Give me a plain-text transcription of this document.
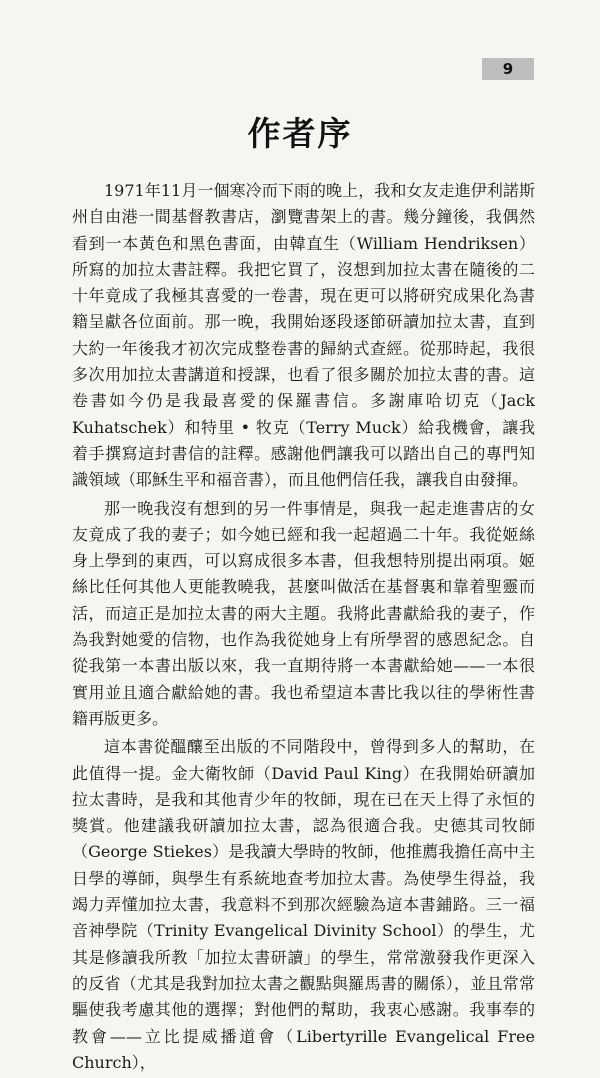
9
作者序

1971年11月一個寒冷而下雨的晚上，我和女友走進伊利諾斯州自由港一間基督教書店，瀏覽書架上的書。幾分鐘後，我偶然看到一本黃色和黑色書面，由韓直生（William Hendriksen）所寫的加拉太書註釋。我把它買了，沒想到加拉太書在隨後的二十年竟成了我極其喜愛的一卷書，現在更可以將研究成果化為書籍呈獻各位面前。那一晚，我開始逐段逐節研讀加拉太書，直到大約一年後我才初次完成整卷書的歸納式查經。從那時起，我很多次用加拉太書講道和授課，也看了很多關於加拉太書的書。這卷書如今仍是我最喜愛的保羅書信。多謝庫哈切克（Jack Kuhatschek）和特里 • 牧克（Terry Muck）給我機會，讓我着手撰寫這封書信的註釋。感謝他們讓我可以踏出自己的專門知識領域（耶穌生平和福音書），而且他們信任我，讓我自由發揮。

那一晚我沒有想到的另一件事情是，與我一起走進書店的女友竟成了我的妻子；如今她已經和我一起超過二十年。我從姬絲身上學到的東西，可以寫成很多本書，但我想特別提出兩項。姬絲比任何其他人更能教曉我，甚麼叫做活在基督裏和靠着聖靈而活，而這正是加拉太書的兩大主題。我將此書獻給我的妻子，作為我對她愛的信物，也作為我從她身上有所學習的感恩紀念。自從我第一本書出版以來，我一直期待將一本書獻給她——一本很實用並且適合獻給她的書。我也希望這本書比我以往的學術性書籍再版更多。

這本書從醞釀至出版的不同階段中，曾得到多人的幫助，在此值得一提。金大衛牧師（David Paul King）在我開始研讀加拉太書時，是我和其他青少年的牧師，現在已在天上得了永恒的獎賞。他建議我研讀加拉太書，認為很適合我。史德其司牧師（George Stiekes）是我讀大學時的牧師，他推薦我擔任高中主日學的導師，與學生有系統地查考加拉太書。為使學生得益，我竭力弄懂加拉太書，我意料不到那次經驗為這本書鋪路。三一福音神學院（Trinity Evangelical Divinity School）的學生，尤其是修讀我所教「加拉太書研讀」的學生，常常激發我作更深入的反省（尤其是我對加拉太書之觀點與羅馬書的關係），並且常常驅使我考慮其他的選擇；對他們的幫助，我衷心感謝。我事奉的教會——立比提威播道會（Libertyrille Evangelical Free Church），
